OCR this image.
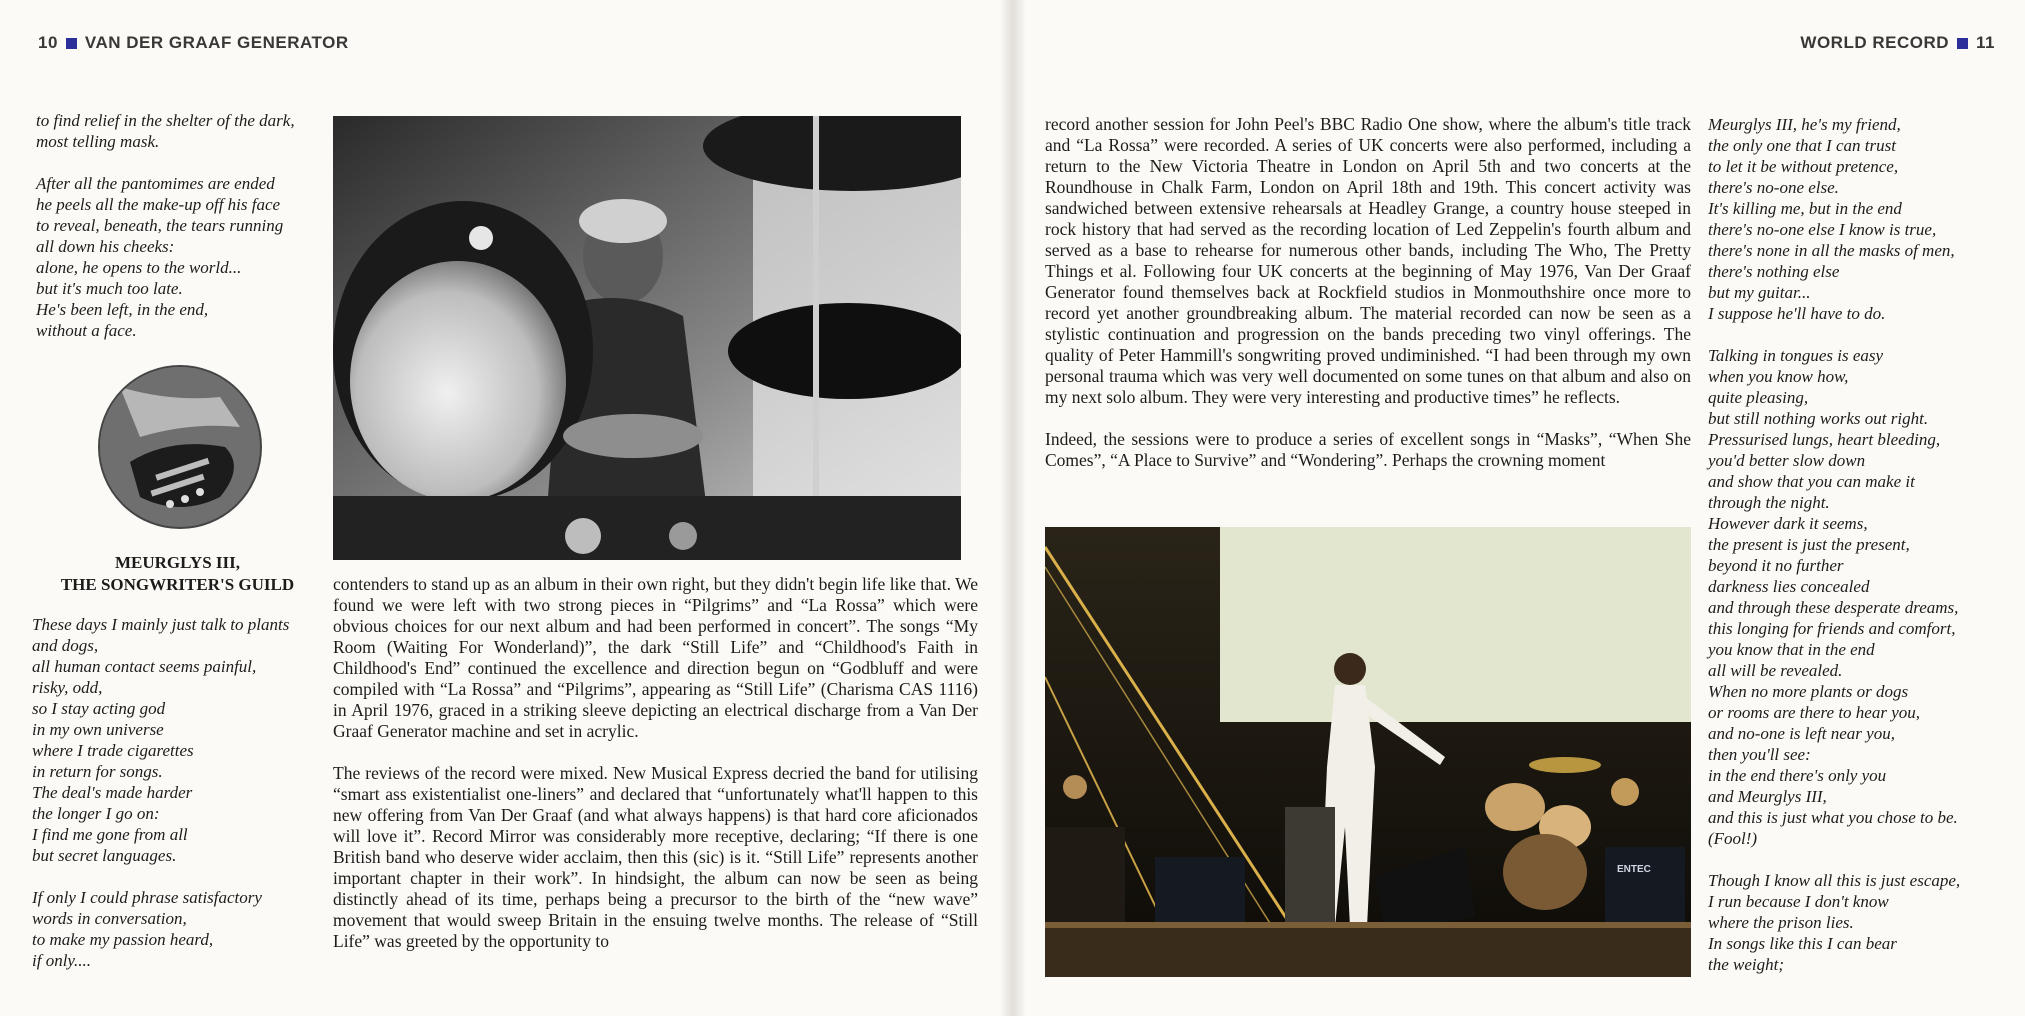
10 VAN DER GRAAF GENERATOR	WORLD RECORD 11

to find relief in the shelter of the dark,
most telling mask.

After all the pantomimes are ended
he peels all the make-up off his face
to reveal, beneath, the tears running
all down his cheeks:
alone, he opens to the world...
but it's much too late.
He's been left, in the end,
without a face.

MEURGLYS III,
THE SONGWRITER'S GUILD

These days I mainly just talk to plants
and dogs,
all human contact seems painful,
risky, odd,
so I stay acting god
in my own universe
where I trade cigarettes
in return for songs.
The deal's made harder
the longer I go on:
I find me gone from all
but secret languages.

If only I could phrase satisfactory
words in conversation,
to make my passion heard,
if only....

contenders to stand up as an album in their own right, but they didn't begin life like that. We found we were left with two strong pieces in “Pilgrims” and “La Rossa” which were obvious choices for our next album and had been performed in concert”. The songs “My Room (Waiting For Wonderland)”, the dark “Still Life” and “Childhood's Faith in Childhood's End” continued the excellence and direction begun on “Godbluff and were compiled with “La Rossa” and “Pilgrims”, appearing as “Still Life” (Charisma CAS 1116) in April 1976, graced in a striking sleeve depicting an electrical discharge from a Van Der Graaf Generator machine and set in acrylic.

The reviews of the record were mixed. New Musical Express decried the band for utilising “smart ass existentialist one-liners” and declared that “unfortunately what'll happen to this new offering from Van Der Graaf (and what always happens) is that hard core aficionados will love it”. Record Mirror was considerably more receptive, declaring; “If there is one British band who deserve wider acclaim, then this (sic) is it. “Still Life” represents another important chapter in their work”. In hindsight, the album can now be seen as being distinctly ahead of its time, perhaps being a precursor to the birth of the “new wave” movement that would sweep Britain in the ensuing twelve months. The release of “Still Life” was greeted by the opportunity to

record another session for John Peel's BBC Radio One show, where the album's title track and “La Rossa” were recorded. A series of UK concerts were also performed, including a return to the New Victoria Theatre in London on April 5th and two concerts at the Roundhouse in Chalk Farm, London on April 18th and 19th. This concert activity was sandwiched between extensive rehearsals at Headley Grange, a country house steeped in rock history that had served as the recording location of Led Zeppelin's fourth album and served as a base to rehearse for numerous other bands, including The Who, The Pretty Things et al. Following four UK concerts at the beginning of May 1976, Van Der Graaf Generator found themselves back at Rockfield studios in Monmouthshire once more to record yet another groundbreaking album. The material recorded can now be seen as a stylistic continuation and progression on the bands preceding two vinyl offerings. The quality of Peter Hammill's songwriting proved undiminished. “I had been through my own personal trauma which was very well documented on some tunes on that album and also on my next solo album. They were very interesting and productive times” he reflects.

Indeed, the sessions were to produce a series of excellent songs in “Masks”, “When She Comes”, “A Place to Survive” and “Wondering”. Perhaps the crowning moment

ENTEC

Meurglys III, he's my friend,
the only one that I can trust
to let it be without pretence,
there's no-one else.
It's killing me, but in the end
there's no-one else I know is true,
there's none in all the masks of men,
there's nothing else
but my guitar...
I suppose he'll have to do.

Talking in tongues is easy
when you know how,
quite pleasing,
but still nothing works out right.
Pressurised lungs, heart bleeding,
you'd better slow down
and show that you can make it
through the night.
However dark it seems,
the present is just the present,
beyond it no further
darkness lies concealed
and through these desperate dreams,
this longing for friends and comfort,
you know that in the end
all will be revealed.
When no more plants or dogs
or rooms are there to hear you,
and no-one is left near you,
then you'll see:
in the end there's only you
and Meurglys III,
and this is just what you chose to be.
(Fool!)

Though I know all this is just escape,
I run because I don't know
where the prison lies.
In songs like this I can bear
the weight;
